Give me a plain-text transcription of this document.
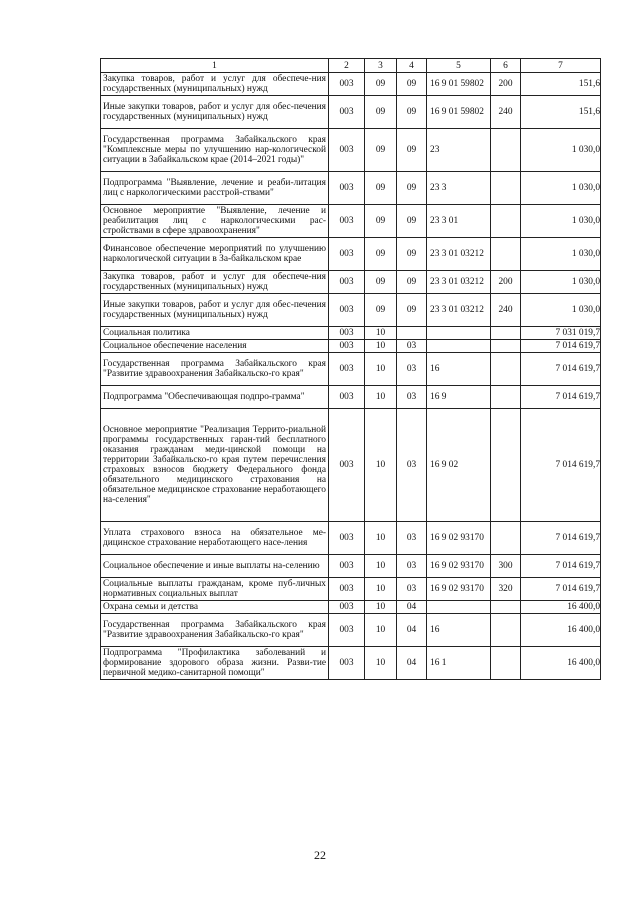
1	2	3	4	5	6	7
Закупка товаров, работ и услуг для обеспече-ния государственных (муниципальных) нужд	003	09	09	16 9 01 59802	200	151,6
Иные закупки товаров, работ и услуг для обес-печения государственных (муниципальных) нужд	003	09	09	16 9 01 59802	240	151,6
Государственная программа Забайкальского края "Комплексные меры по улучшению нар-кологической ситуации в Забайкальском крае (2014–2021 годы)"	003	09	09	23		1 030,0
Подпрограмма "Выявление, лечение и реаби-литация лиц с наркологическими расстрой-ствами"	003	09	09	23 3		1 030,0
Основное мероприятие "Выявление, лечение и реабилитация лиц с наркологическими рас-стройствами в сфере здравоохранения"	003	09	09	23 3 01		1 030,0
Финансовое обеспечение мероприятий по улучшению наркологической ситуации в За-байкальском крае	003	09	09	23 3 01 03212		1 030,0
Закупка товаров, работ и услуг для обеспече-ния государственных (муниципальных) нужд	003	09	09	23 3 01 03212	200	1 030,0
Иные закупки товаров, работ и услуг для обес-печения государственных (муниципальных) нужд	003	09	09	23 3 01 03212	240	1 030,0
Социальная политика	003	10				7 031 019,7
Социальное обеспечение населения	003	10	03			7 014 619,7
Государственная программа Забайкальского края "Развитие здравоохранения Забайкальско-го края"	003	10	03	16		7 014 619,7
Подпрограмма "Обеспечивающая подпро-грамма"	003	10	03	16 9		7 014 619,7
Основное мероприятие "Реализация Террито-риальной программы государственных гаран-тий бесплатного оказания гражданам меди-цинской помощи на территории Забайкальско-го края путем перечисления страховых взносов бюджету Федерального фонда обязательного медицинского страхования на обязательное медицинское страхование неработающего на-селения"	003	10	03	16 9 02		7 014 619,7
Уплата страхового взноса на обязательное ме-дицинское страхование неработающего насе-ления	003	10	03	16 9 02 93170		7 014 619,7
Социальное обеспечение и иные выплаты на-селению	003	10	03	16 9 02 93170	300	7 014 619,7
Социальные выплаты гражданам, кроме пуб-личных нормативных социальных выплат	003	10	03	16 9 02 93170	320	7 014 619,7
Охрана семьи и детства	003	10	04			16 400,0
Государственная программа Забайкальского края "Развитие здравоохранения Забайкальско-го края"	003	10	04	16		16 400,0
Подпрограмма "Профилактика заболеваний и формирование здорового образа жизни. Разви-тие первичной медико-санитарной помощи"	003	10	04	16 1		16 400,0
22
